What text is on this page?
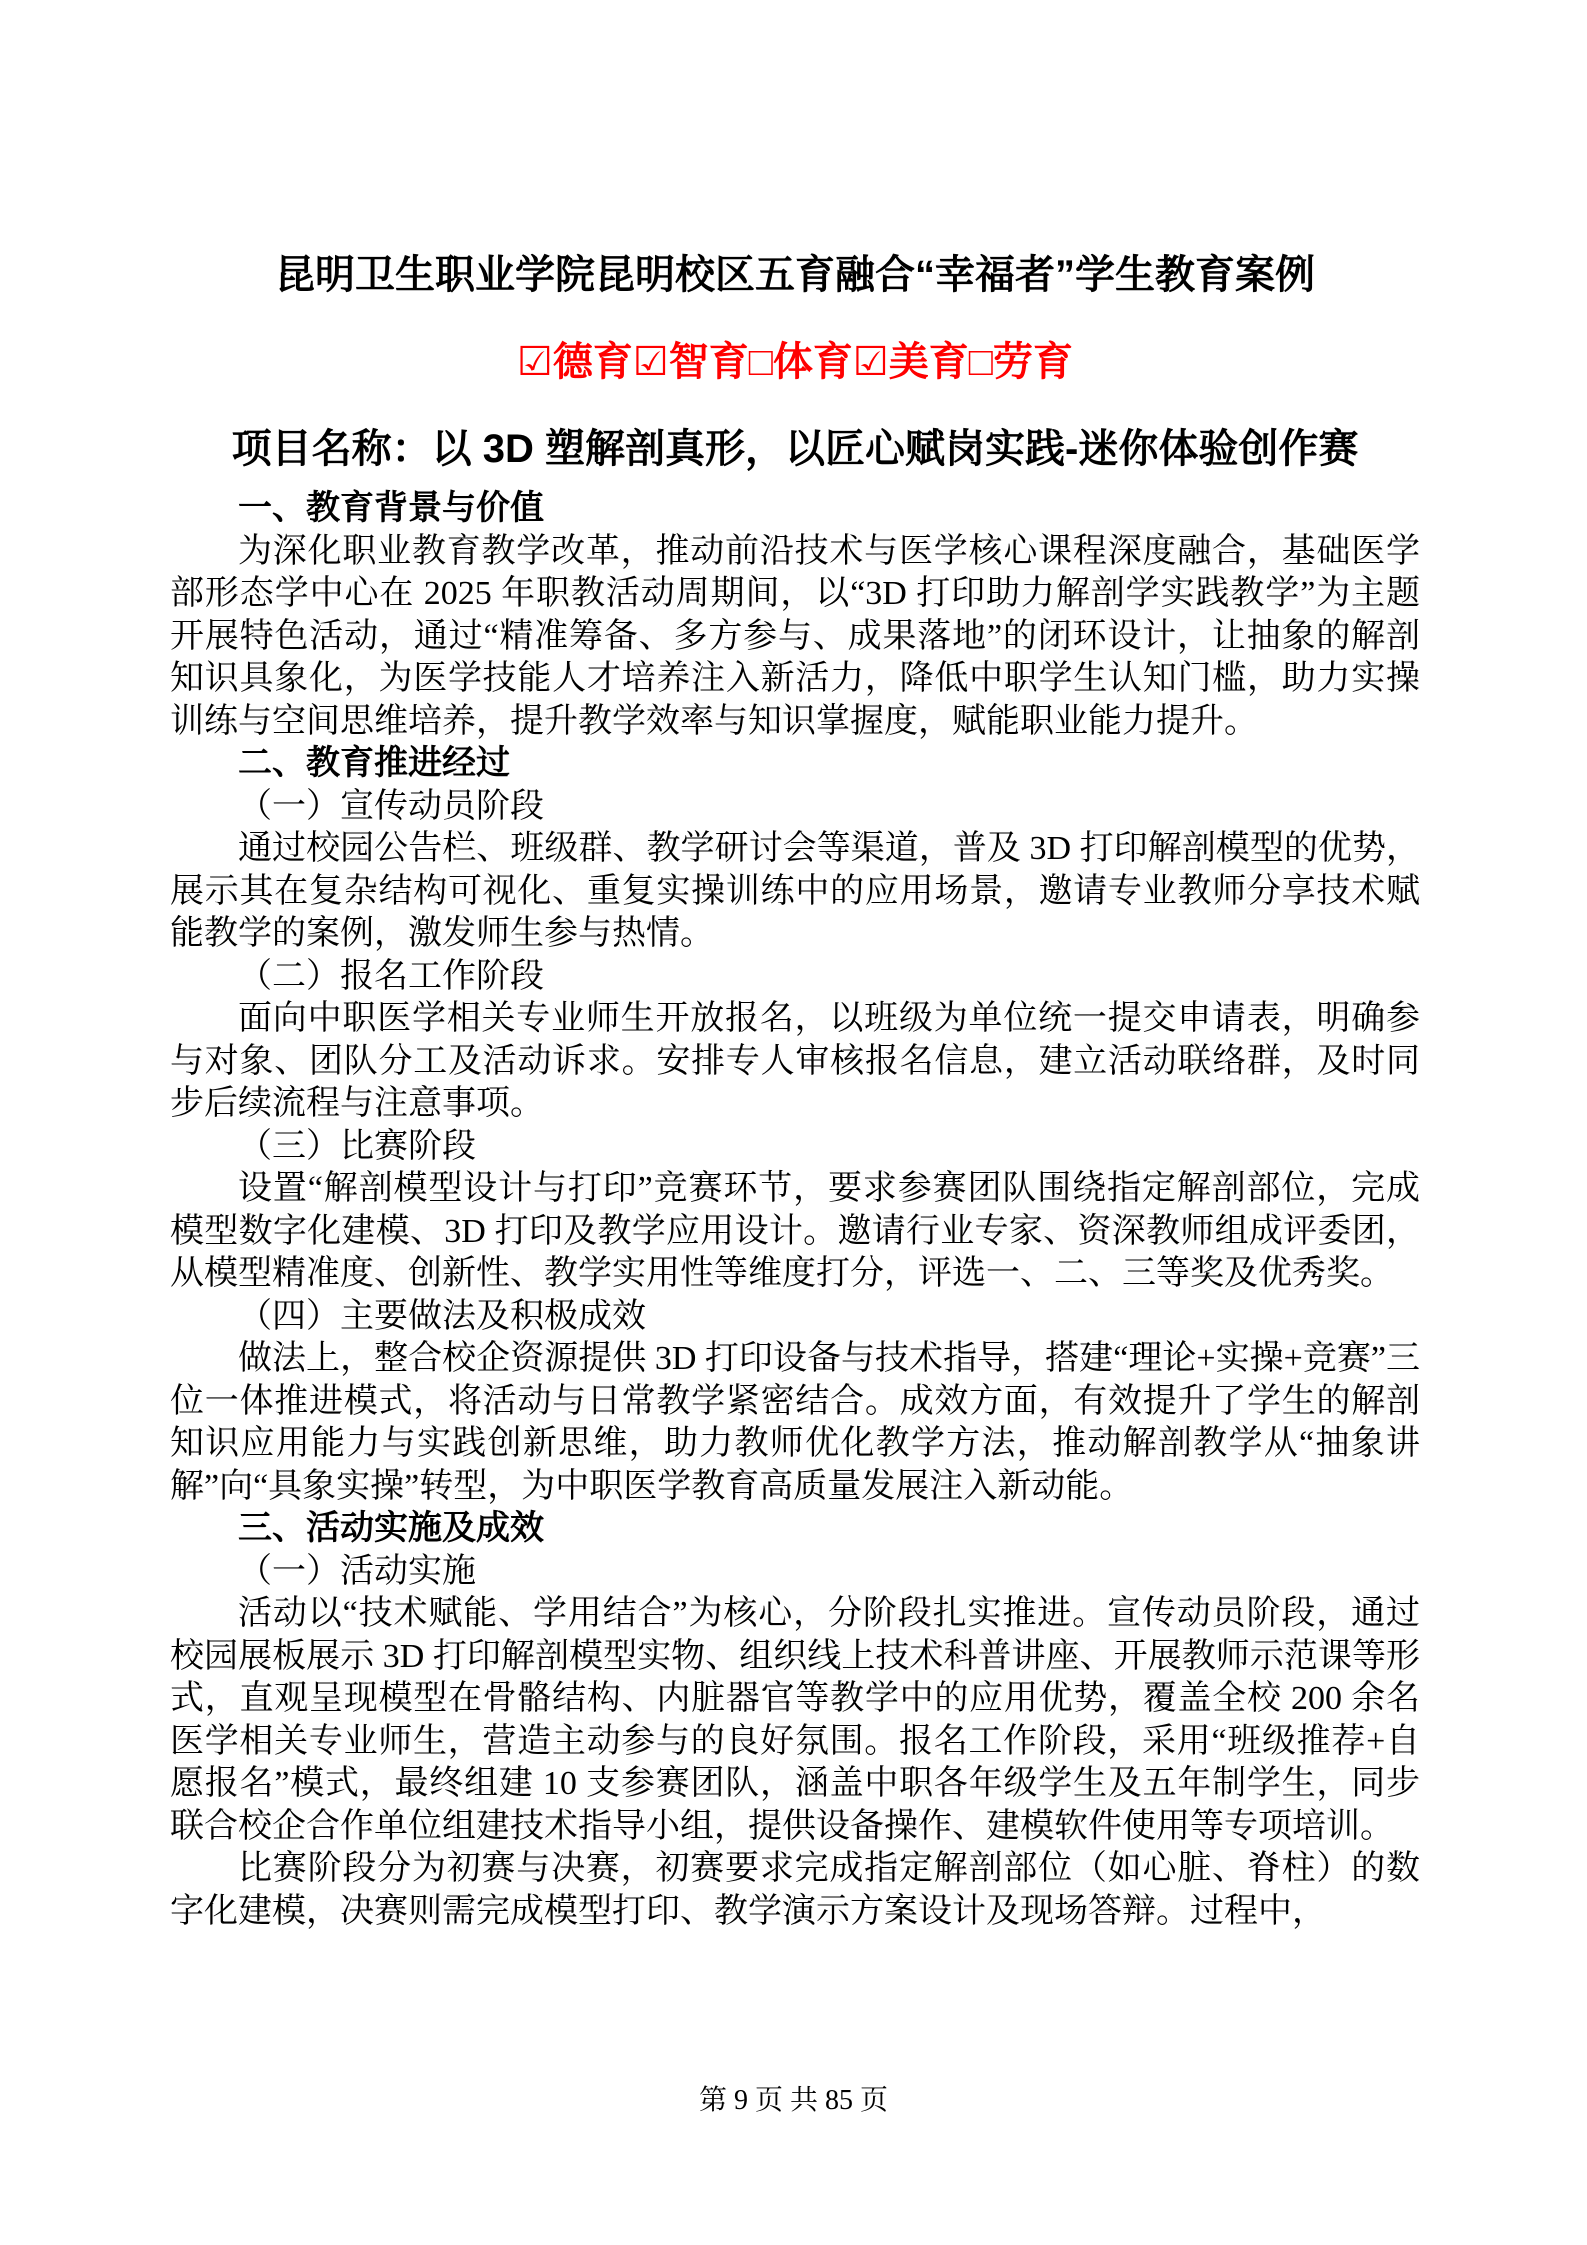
昆明卫生职业学院昆明校区五育融合“幸福者”学生教育案例
☑德育☑智育□体育☑美育□劳育
项目名称：以 3D 塑解剖真形，以匠心赋岗实践-迷你体验创作赛

一、教育背景与价值

为深化职业教育教学改革，推动前沿技术与医学核心课程深度融合，基础医学部形态学中心在 2025 年职教活动周期间，以“3D 打印助力解剖学实践教学”为主题开展特色活动，通过“精准筹备、多方参与、成果落地”的闭环设计，让抽象的解剖知识具象化，为医学技能人才培养注入新活力，降低中职学生认知门槛，助力实操训练与空间思维培养，提升教学效率与知识掌握度，赋能职业能力提升。

二、教育推进经过

（一）宣传动员阶段

通过校园公告栏、班级群、教学研讨会等渠道，普及 3D 打印解剖模型的优势，展示其在复杂结构可视化、重复实操训练中的应用场景，邀请专业教师分享技术赋能教学的案例，激发师生参与热情。

（二）报名工作阶段

面向中职医学相关专业师生开放报名，以班级为单位统一提交申请表，明确参与对象、团队分工及活动诉求。安排专人审核报名信息，建立活动联络群，及时同步后续流程与注意事项。

（三）比赛阶段

设置“解剖模型设计与打印”竞赛环节，要求参赛团队围绕指定解剖部位，完成模型数字化建模、3D 打印及教学应用设计。邀请行业专家、资深教师组成评委团，从模型精准度、创新性、教学实用性等维度打分，评选一、二、三等奖及优秀奖。

（四）主要做法及积极成效

做法上，整合校企资源提供 3D 打印设备与技术指导，搭建“理论+实操+竞赛”三位一体推进模式，将活动与日常教学紧密结合。成效方面，有效提升了学生的解剖知识应用能力与实践创新思维，助力教师优化教学方法，推动解剖教学从“抽象讲解”向“具象实操”转型，为中职医学教育高质量发展注入新动能。

三、活动实施及成效

（一）活动实施

活动以“技术赋能、学用结合”为核心，分阶段扎实推进。宣传动员阶段，通过校园展板展示 3D 打印解剖模型实物、组织线上技术科普讲座、开展教师示范课等形式，直观呈现模型在骨骼结构、内脏器官等教学中的应用优势，覆盖全校 200 余名医学相关专业师生，营造主动参与的良好氛围。报名工作阶段，采用“班级推荐+自愿报名”模式，最终组建 10 支参赛团队，涵盖中职各年级学生及五年制学生，同步联合校企合作单位组建技术指导小组，提供设备操作、建模软件使用等专项培训。

比赛阶段分为初赛与决赛，初赛要求完成指定解剖部位（如心脏、脊柱）的数字化建模，决赛则需完成模型打印、教学演示方案设计及现场答辩。过程中，

第 9 页 共 85 页
